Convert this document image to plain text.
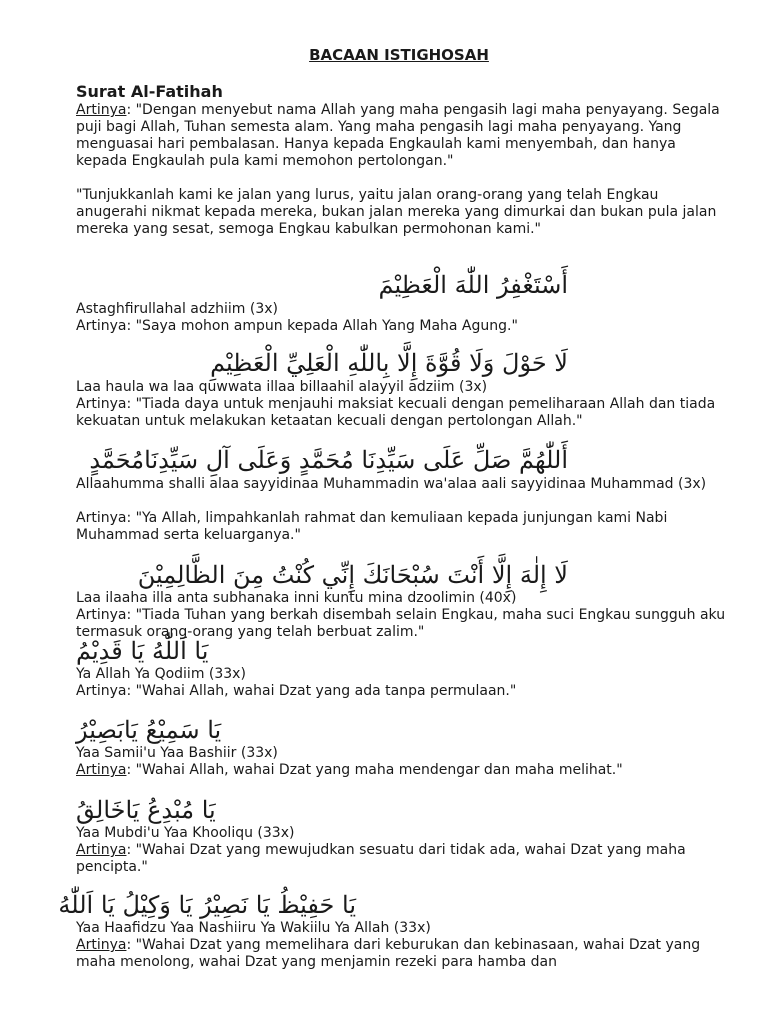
BACAAN ISTIGHOSAH
Surat Al-Fatihah

Artinya: "Dengan menyebut nama Allah yang maha pengasih lagi maha penyayang. Segala puji bagi Allah, Tuhan semesta alam. Yang maha pengasih lagi maha penyayang. Yang menguasai hari pembalasan. Hanya kepada Engkaulah kami menyembah, dan hanya kepada Engkaulah pula kami memohon pertolongan."

"Tunjukkanlah kami ke jalan yang lurus, yaitu jalan orang-orang yang telah Engkau anugerahi nikmat kepada mereka, bukan jalan mereka yang dimurkai dan bukan pula jalan mereka yang sesat, semoga Engkau kabulkan permohonan kami."

أَسْتَغْفِرُ اللّٰهَ الْعَظِيْمَ

Astaghfirullahal adzhiim (3x)

Artinya: "Saya mohon ampun kepada Allah Yang Maha Agung."

لَا حَوْلَ وَلَا قُوَّةَ إِلَّا بِاللّٰهِ الْعَلِيِّ الْعَظِيْمِ

Laa haula wa laa quwwata illaa billaahil alayyil adziim (3x)

Artinya: "Tiada daya untuk menjauhi maksiat kecuali dengan pemeliharaan Allah dan tiada kekuatan untuk melakukan ketaatan kecuali dengan pertolongan Allah."

أَللّٰهُمَّ صَلِّ عَلَى سَيِّدِنَا مُحَمَّدٍ وَعَلَى آلِ سَيِّدِنَامُحَمَّدٍ

Allaahumma shalli alaa sayyidinaa Muhammadin wa'alaa aali sayyidinaa Muhammad (3x)

Artinya: "Ya Allah, limpahkanlah rahmat dan kemuliaan kepada junjungan kami Nabi Muhammad serta keluarganya."

لَا إِلٰهَ إِلَّا أَنْتَ سُبْحَانَكَ إِنِّي كُنْتُ مِنَ الظَّالِمِيْنَ

Laa ilaaha illa anta subhanaka inni kuntu mina dzoolimin (40x)

Artinya: "Tiada Tuhan yang berkah disembah selain Engkau, maha suci Engkau sungguh aku termasuk orang-orang yang telah berbuat zalim."

يَا اَللّٰهُ يَا قَدِيْمُ

Ya Allah Ya Qodiim (33x)

Artinya: "Wahai Allah, wahai Dzat yang ada tanpa permulaan."

يَا سَمِيْعُ يَابَصِيْرُ

Yaa Samii'u Yaa Bashiir (33x)

Artinya: "Wahai Allah, wahai Dzat yang maha mendengar dan maha melihat."

يَا مُبْدِعُ يَاخَالِقُ

Yaa Mubdi'u Yaa Khooliqu (33x)

Artinya: "Wahai Dzat yang mewujudkan sesuatu dari tidak ada, wahai Dzat yang maha pencipta."

يَا حَفِيْظُ يَا نَصِيْرُ يَا وَكِيْلُ يَا اَللّٰهُ

Yaa Haafidzu Yaa Nashiiru Ya Wakiilu Ya Allah (33x)

Artinya: "Wahai Dzat yang memelihara dari keburukan dan kebinasaan, wahai Dzat yang maha menolong, wahai Dzat yang menjamin rezeki para hamba dan
